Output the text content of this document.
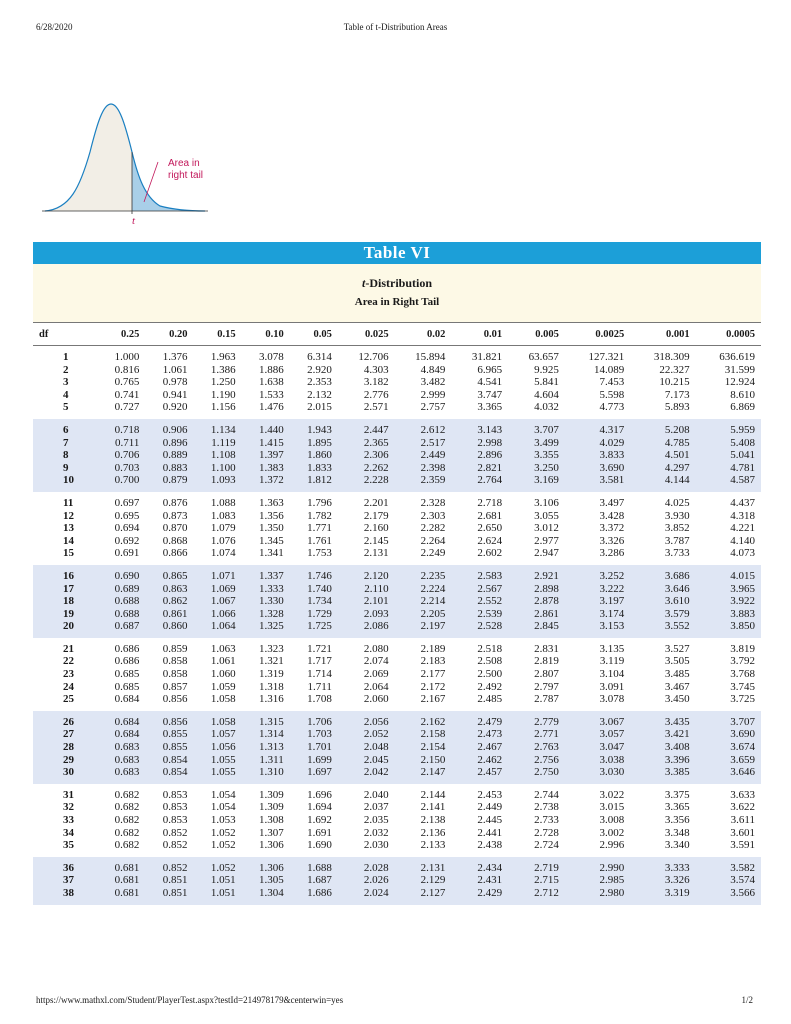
6/28/2020	Table of t-Distribution Areas
Area in
right tail
t
Table VI
t-Distribution
Area in Right Tail
df	0.25	0.20	0.15	0.10	0.05	0.025	0.02	0.01	0.005	0.0025	0.001	0.0005
1	1.000	1.376	1.963	3.078	6.314	12.706	15.894	31.821	63.657	127.321	318.309	636.619
2	0.816	1.061	1.386	1.886	2.920	4.303	4.849	6.965	9.925	14.089	22.327	31.599
3	0.765	0.978	1.250	1.638	2.353	3.182	3.482	4.541	5.841	7.453	10.215	12.924
4	0.741	0.941	1.190	1.533	2.132	2.776	2.999	3.747	4.604	5.598	7.173	8.610
5	0.727	0.920	1.156	1.476	2.015	2.571	2.757	3.365	4.032	4.773	5.893	6.869
6	0.718	0.906	1.134	1.440	1.943	2.447	2.612	3.143	3.707	4.317	5.208	5.959
7	0.711	0.896	1.119	1.415	1.895	2.365	2.517	2.998	3.499	4.029	4.785	5.408
8	0.706	0.889	1.108	1.397	1.860	2.306	2.449	2.896	3.355	3.833	4.501	5.041
9	0.703	0.883	1.100	1.383	1.833	2.262	2.398	2.821	3.250	3.690	4.297	4.781
10	0.700	0.879	1.093	1.372	1.812	2.228	2.359	2.764	3.169	3.581	4.144	4.587
11	0.697	0.876	1.088	1.363	1.796	2.201	2.328	2.718	3.106	3.497	4.025	4.437
12	0.695	0.873	1.083	1.356	1.782	2.179	2.303	2.681	3.055	3.428	3.930	4.318
13	0.694	0.870	1.079	1.350	1.771	2.160	2.282	2.650	3.012	3.372	3.852	4.221
14	0.692	0.868	1.076	1.345	1.761	2.145	2.264	2.624	2.977	3.326	3.787	4.140
15	0.691	0.866	1.074	1.341	1.753	2.131	2.249	2.602	2.947	3.286	3.733	4.073
16	0.690	0.865	1.071	1.337	1.746	2.120	2.235	2.583	2.921	3.252	3.686	4.015
17	0.689	0.863	1.069	1.333	1.740	2.110	2.224	2.567	2.898	3.222	3.646	3.965
18	0.688	0.862	1.067	1.330	1.734	2.101	2.214	2.552	2.878	3.197	3.610	3.922
19	0.688	0.861	1.066	1.328	1.729	2.093	2.205	2.539	2.861	3.174	3.579	3.883
20	0.687	0.860	1.064	1.325	1.725	2.086	2.197	2.528	2.845	3.153	3.552	3.850
21	0.686	0.859	1.063	1.323	1.721	2.080	2.189	2.518	2.831	3.135	3.527	3.819
22	0.686	0.858	1.061	1.321	1.717	2.074	2.183	2.508	2.819	3.119	3.505	3.792
23	0.685	0.858	1.060	1.319	1.714	2.069	2.177	2.500	2.807	3.104	3.485	3.768
24	0.685	0.857	1.059	1.318	1.711	2.064	2.172	2.492	2.797	3.091	3.467	3.745
25	0.684	0.856	1.058	1.316	1.708	2.060	2.167	2.485	2.787	3.078	3.450	3.725
26	0.684	0.856	1.058	1.315	1.706	2.056	2.162	2.479	2.779	3.067	3.435	3.707
27	0.684	0.855	1.057	1.314	1.703	2.052	2.158	2.473	2.771	3.057	3.421	3.690
28	0.683	0.855	1.056	1.313	1.701	2.048	2.154	2.467	2.763	3.047	3.408	3.674
29	0.683	0.854	1.055	1.311	1.699	2.045	2.150	2.462	2.756	3.038	3.396	3.659
30	0.683	0.854	1.055	1.310	1.697	2.042	2.147	2.457	2.750	3.030	3.385	3.646
31	0.682	0.853	1.054	1.309	1.696	2.040	2.144	2.453	2.744	3.022	3.375	3.633
32	0.682	0.853	1.054	1.309	1.694	2.037	2.141	2.449	2.738	3.015	3.365	3.622
33	0.682	0.853	1.053	1.308	1.692	2.035	2.138	2.445	2.733	3.008	3.356	3.611
34	0.682	0.852	1.052	1.307	1.691	2.032	2.136	2.441	2.728	3.002	3.348	3.601
35	0.682	0.852	1.052	1.306	1.690	2.030	2.133	2.438	2.724	2.996	3.340	3.591
36	0.681	0.852	1.052	1.306	1.688	2.028	2.131	2.434	2.719	2.990	3.333	3.582
37	0.681	0.851	1.051	1.305	1.687	2.026	2.129	2.431	2.715	2.985	3.326	3.574
38	0.681	0.851	1.051	1.304	1.686	2.024	2.127	2.429	2.712	2.980	3.319	3.566
https://www.mathxl.com/Student/PlayerTest.aspx?testId=214978179&centerwin=yes	1/2
